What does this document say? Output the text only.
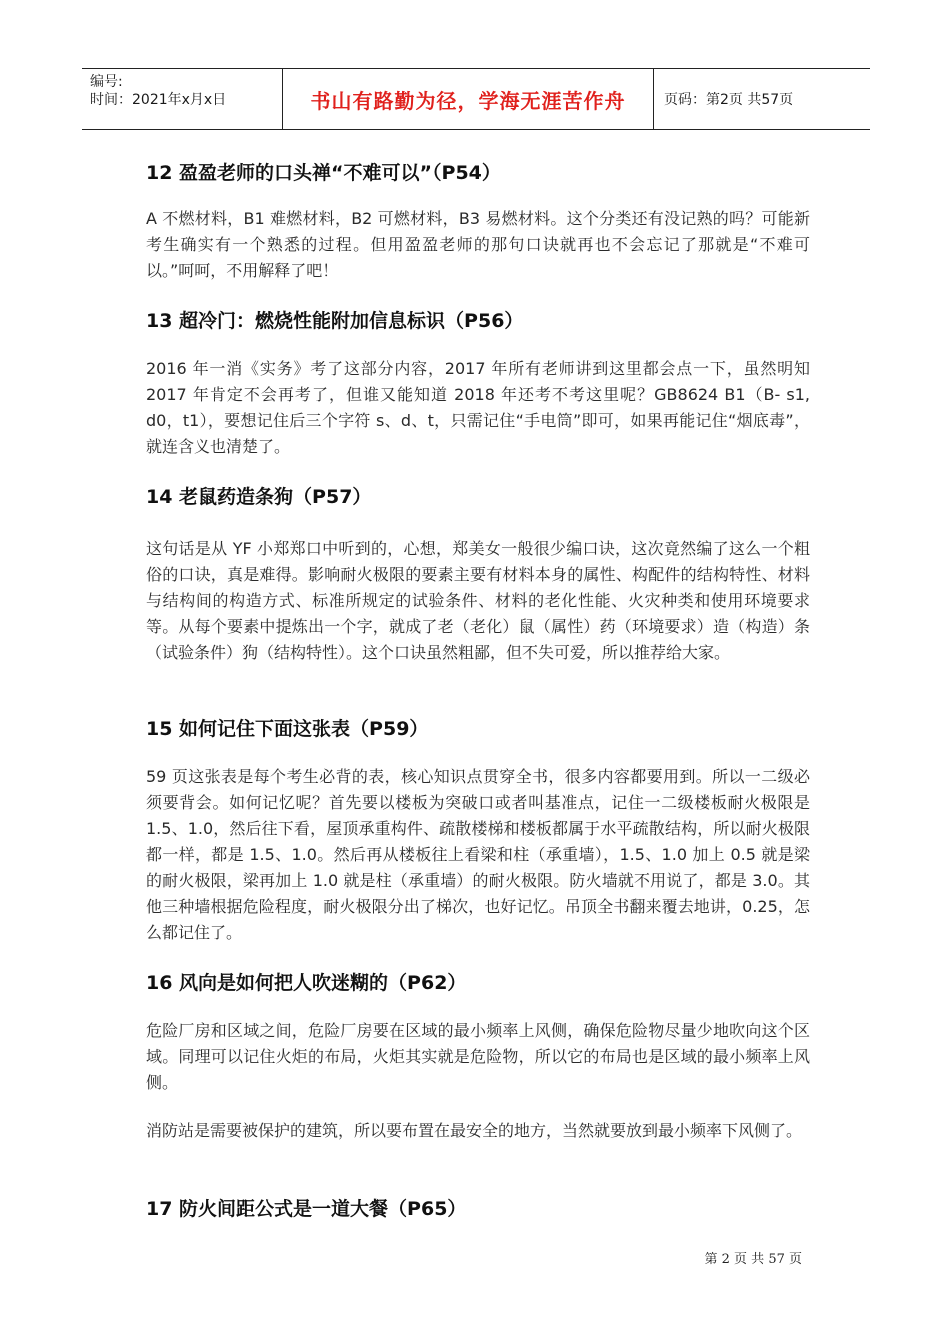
编号:
时间：2021年x月x日	书山有路勤为径，学海无涯苦作舟	页码：第2页 共57页
12 盈盈老师的口头禅“不难可以”（P54）

A 不燃材料，B1 难燃材料，B2 可燃材料，B3 易燃材料。这个分类还有没记熟的吗？可能新考生确实有一个熟悉的过程。但用盈盈老师的那句口诀就再也不会忘记了那就是“不难可以。”呵呵，不用解释了吧！

13 超冷门：燃烧性能附加信息标识（P56）

2016 年一消《实务》考了这部分内容，2017 年所有老师讲到这里都会点一下，虽然明知 2017 年肯定不会再考了，但谁又能知道 2018 年还考不考这里呢？GB8624 B1（B- s1, d0，t1），要想记住后三个字符 s、d、t，只需记住“手电筒”即可，如果再能记住“烟底毒”，就连含义也清楚了。

14 老鼠药造条狗（P57）

这句话是从 YF 小郑郑口中听到的，心想，郑美女一般很少编口诀，这次竟然编了这么一个粗俗的口诀，真是难得。影响耐火极限的要素主要有材料本身的属性、构配件的结构特性、材料与结构间的构造方式、标准所规定的试验条件、材料的老化性能、火灾种类和使用环境要求等。从每个要素中提炼出一个字，就成了老（老化）鼠（属性）药（环境要求）造（构造）条（试验条件）狗（结构特性）。这个口诀虽然粗鄙，但不失可爱，所以推荐给大家。

15 如何记住下面这张表（P59）

59 页这张表是每个考生必背的表，核心知识点贯穿全书，很多内容都要用到。所以一二级必须要背会。如何记忆呢？首先要以楼板为突破口或者叫基准点，记住一二级楼板耐火极限是 1.5、1.0，然后往下看，屋顶承重构件、疏散楼梯和楼板都属于水平疏散结构，所以耐火极限都一样，都是 1.5、1.0。然后再从楼板往上看梁和柱（承重墙），1.5、1.0 加上 0.5 就是梁的耐火极限，梁再加上 1.0 就是柱（承重墙）的耐火极限。防火墙就不用说了，都是 3.0。其他三种墙根据危险程度，耐火极限分出了梯次，也好记忆。吊顶全书翻来覆去地讲，0.25，怎么都记住了。

16 风向是如何把人吹迷糊的（P62）

危险厂房和区域之间，危险厂房要在区域的最小频率上风侧，确保危险物尽量少地吹向这个区域。同理可以记住火炬的布局，火炬其实就是危险物，所以它的布局也是区域的最小频率上风侧。

消防站是需要被保护的建筑，所以要布置在最安全的地方，当然就要放到最小频率下风侧了。

17 防火间距公式是一道大餐（P65）
第 2 页 共 57 页
